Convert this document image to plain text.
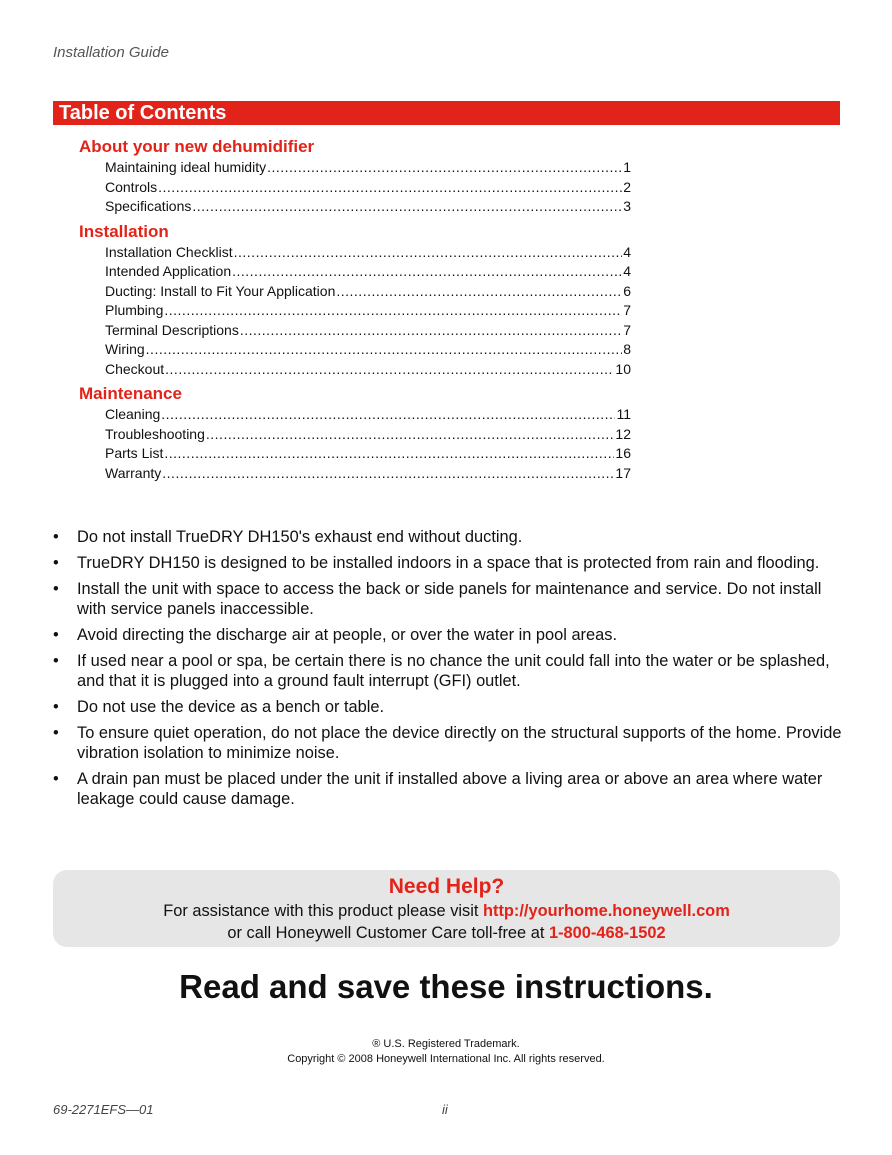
Installation Guide
Table of Contents
About your new dehumidifier
Maintaining ideal humidity .....	1
Controls .....	2
Specifications .....	3
Installation
Installation Checklist .....	4
Intended Application .....	4
Ducting: Install to Fit Your Application .....	6
Plumbing .....	7
Terminal Descriptions .....	7
Wiring .....	8
Checkout .....	10
Maintenance
Cleaning .....	11
Troubleshooting .....	12
Parts List .....	16
Warranty .....	17
• Do not install TrueDRY DH150's exhaust end without ducting.
• TrueDRY DH150 is designed to be installed indoors in a space that is protected from rain and flooding.
• Install the unit with space to access the back or side panels for maintenance and service. Do not install with service panels inaccessible.
• Avoid directing the discharge air at people, or over the water in pool areas.
• If used near a pool or spa, be certain there is no chance the unit could fall into the water or be splashed, and that it is plugged into a ground fault interrupt (GFI) outlet.
• Do not use the device as a bench or table.
• To ensure quiet operation, do not place the device directly on the structural supports of the home. Provide vibration isolation to minimize noise.
• A drain pan must be placed under the unit if installed above a living area or above an area where water leakage could cause damage.
Need Help?
For assistance with this product please visit http://yourhome.honeywell.com
or call Honeywell Customer Care toll-free at 1-800-468-1502
Read and save these instructions.
® U.S. Registered Trademark.
Copyright © 2008 Honeywell International Inc. All rights reserved.
69-2271EFS—01	ii
